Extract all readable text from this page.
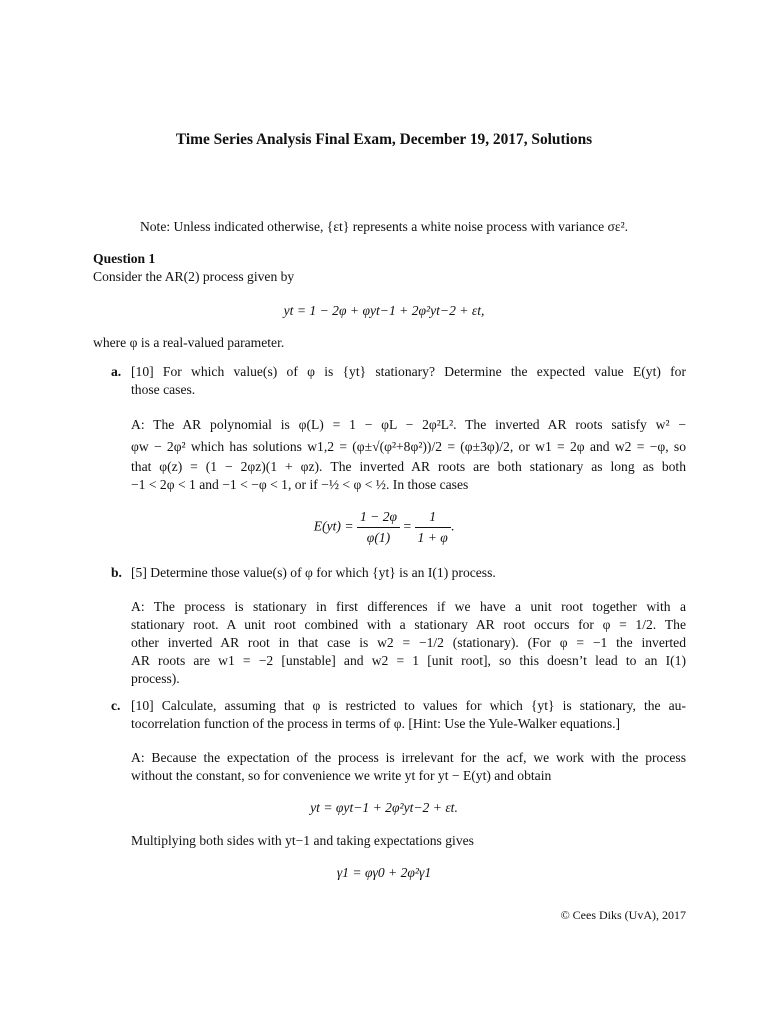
Time Series Analysis Final Exam, December 19, 2017, Solutions
Note: Unless indicated otherwise, {εt} represents a white noise process with variance σε².
Question 1
Consider the AR(2) process given by
yt = 1 − 2φ + φyt−1 + 2φ²yt−2 + εt,
where φ is a real-valued parameter.
a. [10] For which value(s) of φ is {yt} stationary? Determine the expected value E(yt) for
those cases.
A: The AR polynomial is φ(L) = 1 − φL − 2φ²L². The inverted AR roots satisfy w² −
φw − 2φ² which has solutions w1,2 = (φ±√(φ²+8φ²))/2 = (φ±3φ)/2, or w1 = 2φ and w2 = −φ, so
that φ(z) = (1 − 2φz)(1 + φz). The inverted AR roots are both stationary as long as both
−1 < 2φ < 1 and −1 < −φ < 1, or if −½ < φ < ½. In those cases
$E(yt) = \frac{1 - 2\varphi}{\varphi(1)} = \frac{1}{1 + \varphi}$ .
b. [5] Determine those value(s) of φ for which {yt} is an I(1) process.
A: The process is stationary in first differences if we have a unit root together with a
stationary root. A unit root combined with a stationary AR root occurs for φ = 1/2. The
other inverted AR root in that case is w2 = −1/2 (stationary). (For φ = −1 the inverted
AR roots are w1 = −2 [unstable] and w2 = 1 [unit root], so this doesn’t lead to an I(1)
process).
c. [10] Calculate, assuming that φ is restricted to values for which {yt} is stationary, the au-
tocorrelation function of the process in terms of φ. [Hint: Use the Yule-Walker equations.]
A: Because the expectation of the process is irrelevant for the acf, we work with the process
without the constant, so for convenience we write yt for yt − E(yt) and obtain
yt = φyt−1 + 2φ²yt−2 + εt.
Multiplying both sides with yt−1 and taking expectations gives
γ1 = φγ0 + 2φ²γ1
© Cees Diks (UvA), 2017
